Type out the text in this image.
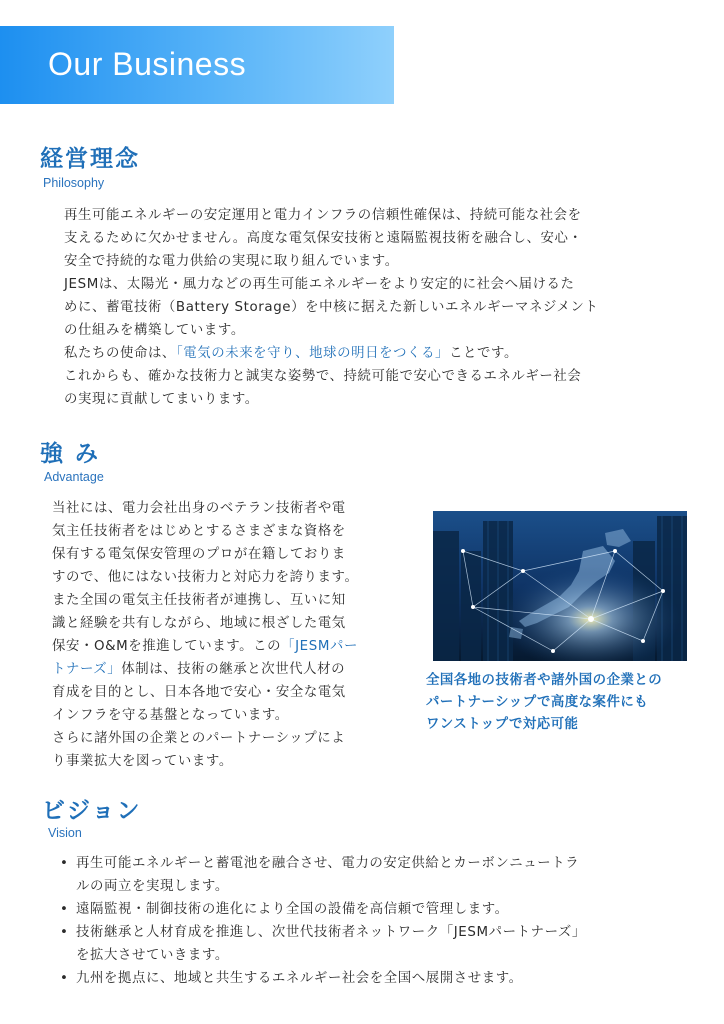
Our Business
経営理念
Philosophy

再生可能エネルギーの安定運用と電力インフラの信頼性確保は、持続可能な社会を

支えるために欠かせません。高度な電気保安技術と遠隔監視技術を融合し、安心・

安全で持続的な電力供給の実現に取り組んでいます。

JESMは、太陽光・風力などの再生可能エネルギーをより安定的に社会へ届けるた

めに、蓄電技術（Battery Storage）を中核に据えた新しいエネルギーマネジメント

の仕組みを構築しています。

私たちの使命は、「電気の未来を守り、地球の明日をつくる」ことです。

これからも、確かな技術力と誠実な姿勢で、持続可能で安心できるエネルギー社会

の実現に貢献してまいります。

強 み
Advantage

当社には、電力会社出身のベテラン技術者や電

気主任技術者をはじめとするさまざまな資格を

保有する電気保安管理のプロが在籍しておりま

すので、他にはない技術力と対応力を誇ります。

また全国の電気主任技術者が連携し、互いに知

識と経験を共有しながら、地域に根ざした電気

保安・O&Mを推進しています。この「JESMパー

トナーズ」体制は、技術の継承と次世代人材の

育成を目的とし、日本各地で安心・安全な電気

インフラを守る基盤となっています。

さらに諸外国の企業とのパートナーシップによ

り事業拡大を図っています。

全国各地の技術者や諸外国の企業との
パートナーシップで高度な案件にも
ワンストップで対応可能
ビジョン
Vision
• 再生可能エネルギーと蓄電池を融合させ、電力の安定供給とカーボンニュートラ
ルの両立を実現します。
• 遠隔監視・制御技術の進化により全国の設備を高信頼で管理します。
• 技術継承と人材育成を推進し、次世代技術者ネットワーク「JESMパートナーズ」
を拡大させていきます。
• 九州を拠点に、地域と共生するエネルギー社会を全国へ展開させます。
